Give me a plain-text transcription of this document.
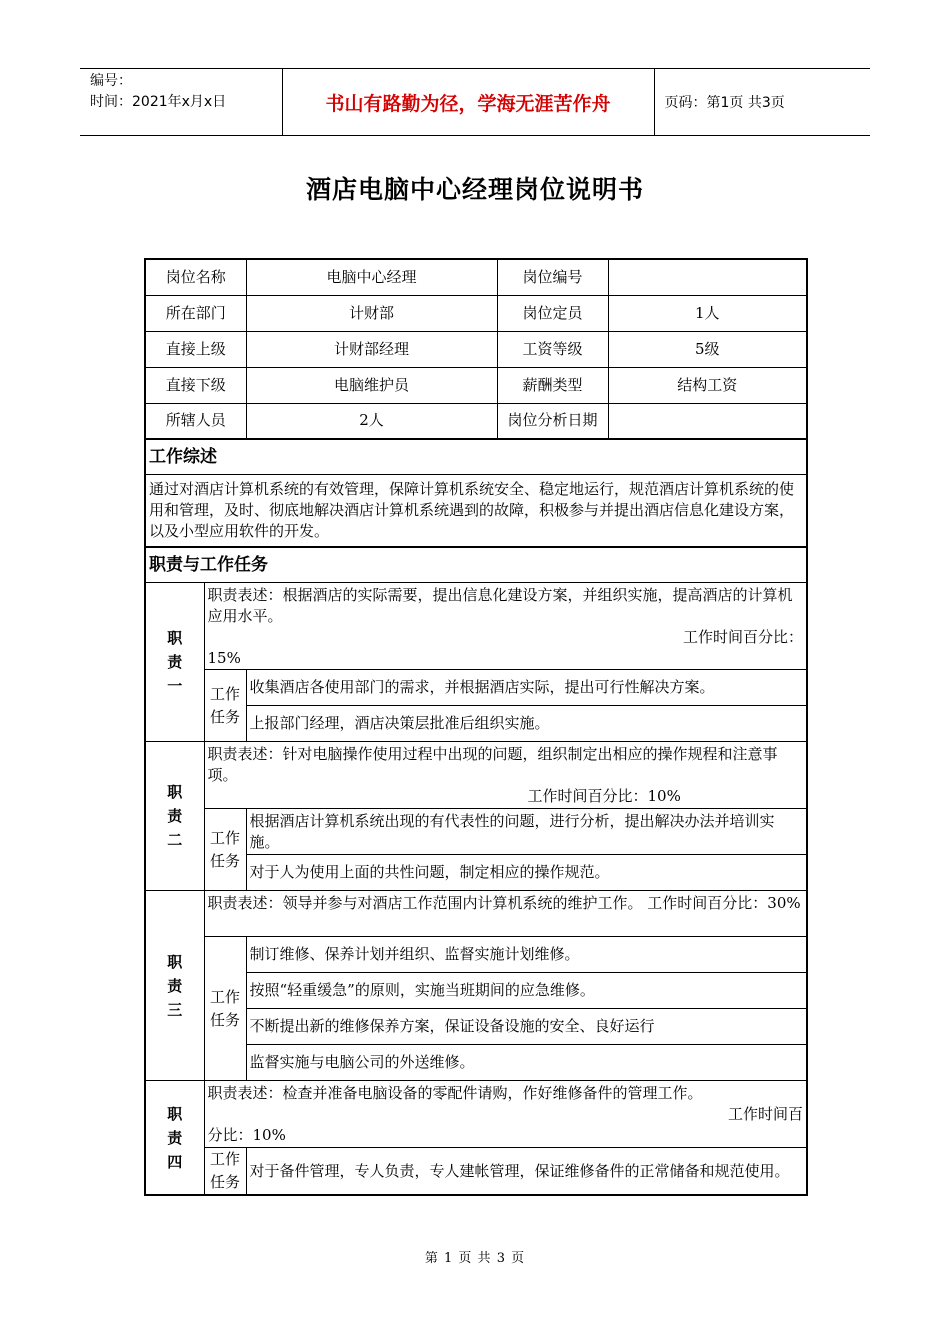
编号：
时间：2021年x月x日	书山有路勤为径，学海无涯苦作舟	页码：第1页 共3页
酒店电脑中心经理岗位说明书
岗位名称		电脑中心经理	岗位编号	
所在部门		计财部	岗位定员	1人
直接上级		计财部经理	工资等级	5级
直接下级		电脑维护员	薪酬类型	结构工资
所辖人员		2人	岗位分析日期	
工作综述				
通过对酒店计算机系统的有效管理，保障计算机系统安全、稳定地运行，规范酒店计算机系统的使用和管理，及时、彻底地解决酒店计算机系统遇到的故障，积极参与并提出酒店信息化建设方案，以及小型应用软件的开发。				
职责与工作任务				
职责一	职责表述：根据酒店的实际需要，提出信息化建设方案，并组织实施，提高酒店的计算机应用水平。
工作时间百分比：
15%			

	工作任务	收集酒店各使用部门的需求，并根据酒店实际，提出可行性解决方案。		
		上报部门经理，酒店决策层批准后组织实施。		
职责二	职责表述：针对电脑操作使用过程中出现的问题，组织制定出相应的操作规程和注意事项。
工作时间百分比：10%			

	工作任务	根据酒店计算机系统出现的有代表性的问题，进行分析，提出解决办法并培训实施。		
		对于人为使用上面的共性问题，制定相应的操作规范。		
职责三	职责表述：领导并参与对酒店工作范围内计算机系统的维护工作。 工作时间百分比：30%			
	工作任务	制订维修、保养计划并组织、监督实施计划维修。		
		按照“轻重缓急”的原则，实施当班期间的应急维修。		
		不断提出新的维修保养方案，保证设备设施的安全、良好运行		
		监督实施与电脑公司的外送维修。		
职责四	职责表述：检查并准备电脑设备的零配件请购，作好维修备件的管理工作。
工作时间百
分比：10%			

	工作任务	对于备件管理，专人负责，专人建帐管理，保证维修备件的正常储备和规范使用。		
第 1 页 共 3 页
